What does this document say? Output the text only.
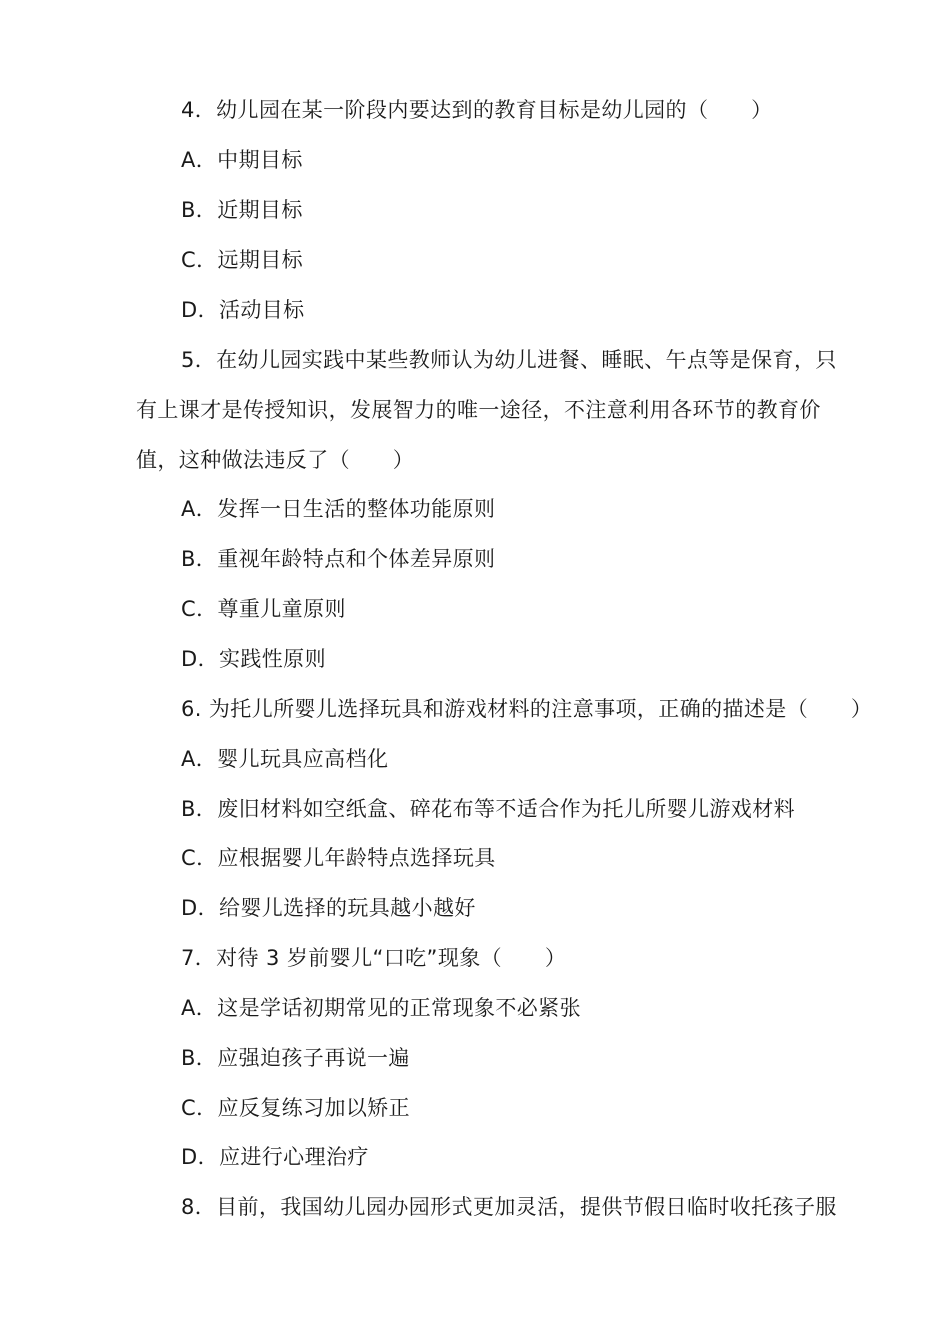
4．幼儿园在某一阶段内要达到的教育目标是幼儿园的（　　）
A．中期目标
B．近期目标
C．远期目标
D．活动目标
5．在幼儿园实践中某些教师认为幼儿进餐、睡眠、午点等是保育，只
有上课才是传授知识，发展智力的唯一途径，不注意利用各环节的教育价
值，这种做法违反了（　　）
A．发挥一日生活的整体功能原则
B．重视年龄特点和个体差异原则
C．尊重儿童原则
D．实践性原则
6. 为托儿所婴儿选择玩具和游戏材料的注意事项，正确的描述是（　　）
A．婴儿玩具应高档化
B．废旧材料如空纸盒、碎花布等不适合作为托儿所婴儿游戏材料
C．应根据婴儿年龄特点选择玩具
D．给婴儿选择的玩具越小越好
7．对待 3 岁前婴儿“口吃”现象（　　）
A．这是学话初期常见的正常现象不必紧张
B．应强迫孩子再说一遍
C．应反复练习加以矫正
D．应进行心理治疗
8．目前，我国幼儿园办园形式更加灵活，提供节假日临时收托孩子服
